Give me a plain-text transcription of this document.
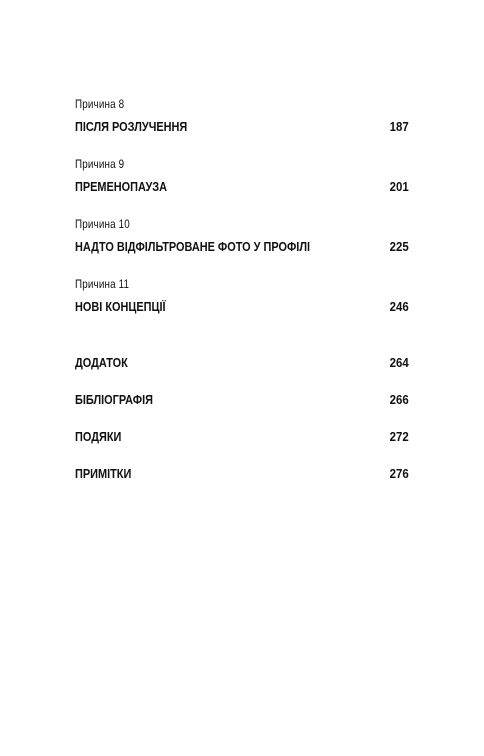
Причина 8
ПІСЛЯ РОЗЛУЧЕННЯ	187
Причина 9
ПРЕМЕНОПАУЗА	201
Причина 10
НАДТО ВІДФІЛЬТРОВАНЕ ФОТО У ПРОФІЛІ	225
Причина 11
НОВІ КОНЦЕПЦІЇ	246
ДОДАТОК	264
БІБЛІОГРАФІЯ	266
ПОДЯКИ	272
ПРИМІТКИ	276
